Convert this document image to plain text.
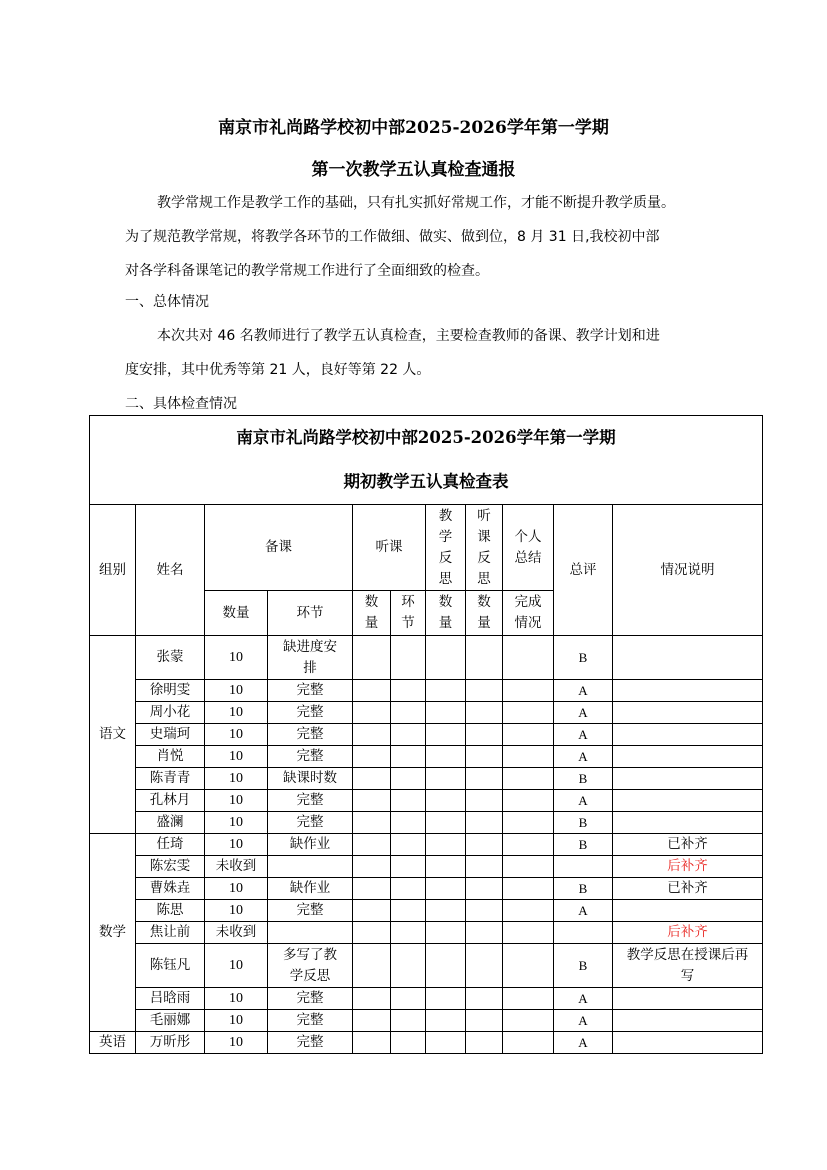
南京市礼尚路学校初中部2025-2026学年第一学期
第一次教学五认真检查通报
教学常规工作是教学工作的基础，只有扎实抓好常规工作，才能不断提升教学质量。
为了规范教学常规，将教学各环节的工作做细、做实、做到位，8 月 31 日,我校初中部
对各学科备课笔记的教学常规工作进行了全面细致的检查。
一、总体情况
本次共对 46 名教师进行了教学五认真检查，主要检查教师的备课、教学计划和进
度安排，其中优秀等第 21 人，良好等第 22 人。
二、具体检查情况
南京市礼尚路学校初中部2025-2026学年第一学期
期初教学五认真检查表										

组别	姓名	备课		听课		教学反思	听课反思	个人总结	总评	情况说明
		数量	环节	数量	环节	数量	数量	完成情况		

语文	张蒙	10	缺进度安排						B	

	徐明雯	10	完整						A	

	周小花	10	完整						A	

	史瑞珂	10	完整						A	

	肖悦	10	完整						A	

	陈青青	10	缺课时数						B	

	孔林月	10	完整						A	

	盛澜	10	完整						B	

数学	任琦	10	缺作业						B	已补齐

	陈宏雯	未收到								后补齐

	曹姝垚	10	缺作业						B	已补齐

	陈思	10	完整						A	

	焦让前	未收到								后补齐

	陈钰凡	10	多写了教学反思						B	教学反思在授课后再写

	吕晗雨	10	完整						A	

	毛丽娜	10	完整						A	

英语	万昕彤	10	完整						A	
